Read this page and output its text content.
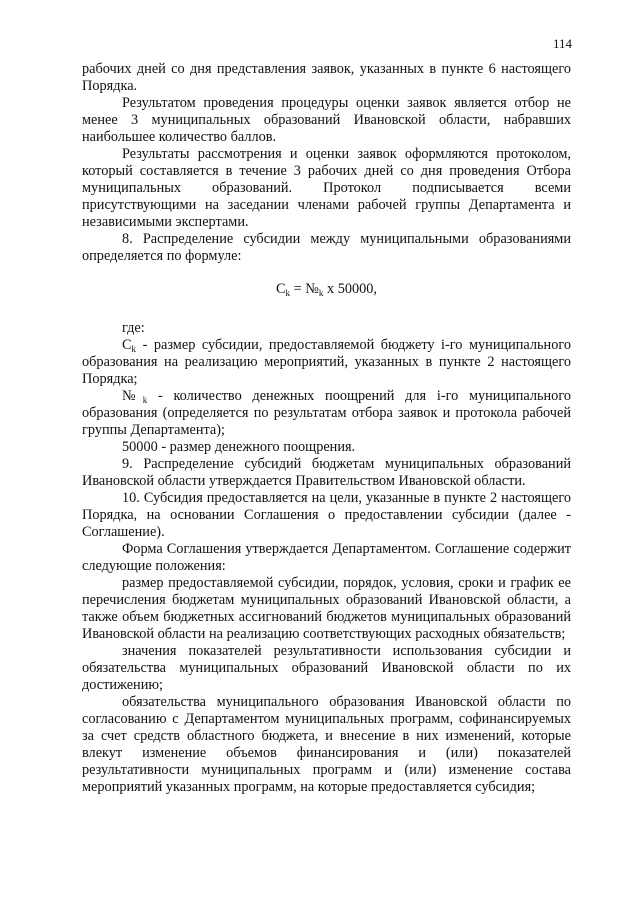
114

рабочих дней со дня представления заявок, указанных в пункте 6 настоящего Порядка.

Результатом проведения процедуры оценки заявок является отбор не менее 3 муниципальных образований Ивановской области, набравших наибольшее количество баллов.

Результаты рассмотрения и оценки заявок оформляются протоколом, который составляется в течение 3 рабочих дней со дня проведения Отбора муниципальных образований. Протокол подписывается всеми присутствующими на заседании членами рабочей группы Департамента и независимыми экспертами.

8. Распределение субсидии между муниципальными образованиями определяется по формуле:

$C_k$ = $№_k$ x 50000,

где:

$C_k$ - размер субсидии, предоставляемой бюджету i-го муниципального образования на реализацию мероприятий, указанных в пункте 2 настоящего Порядка;

$№_k$ - количество денежных поощрений для i-го муниципального образования (определяется по результатам отбора заявок и протокола рабочей группы Департамента);

50000 - размер денежного поощрения.

9. Распределение субсидий бюджетам муниципальных образований Ивановской области утверждается Правительством Ивановской области.

10. Субсидия предоставляется на цели, указанные в пункте 2 настоящего Порядка, на основании Соглашения о предоставлении субсидии (далее - Соглашение).

Форма Соглашения утверждается Департаментом. Соглашение содержит следующие положения:

размер предоставляемой субсидии, порядок, условия, сроки и график ее перечисления бюджетам муниципальных образований Ивановской области, а также объем бюджетных ассигнований бюджетов муниципальных образований Ивановской области на реализацию соответствующих расходных обязательств;

значения показателей результативности использования субсидии и обязательства муниципальных образований Ивановской области по их достижению;

обязательства муниципального образования Ивановской области по согласованию с Департаментом муниципальных программ, софинансируемых за счет средств областного бюджета, и внесение в них изменений, которые влекут изменение объемов финансирования и (или) показателей результативности муниципальных программ и (или) изменение состава мероприятий указанных программ, на которые предоставляется субсидия;
